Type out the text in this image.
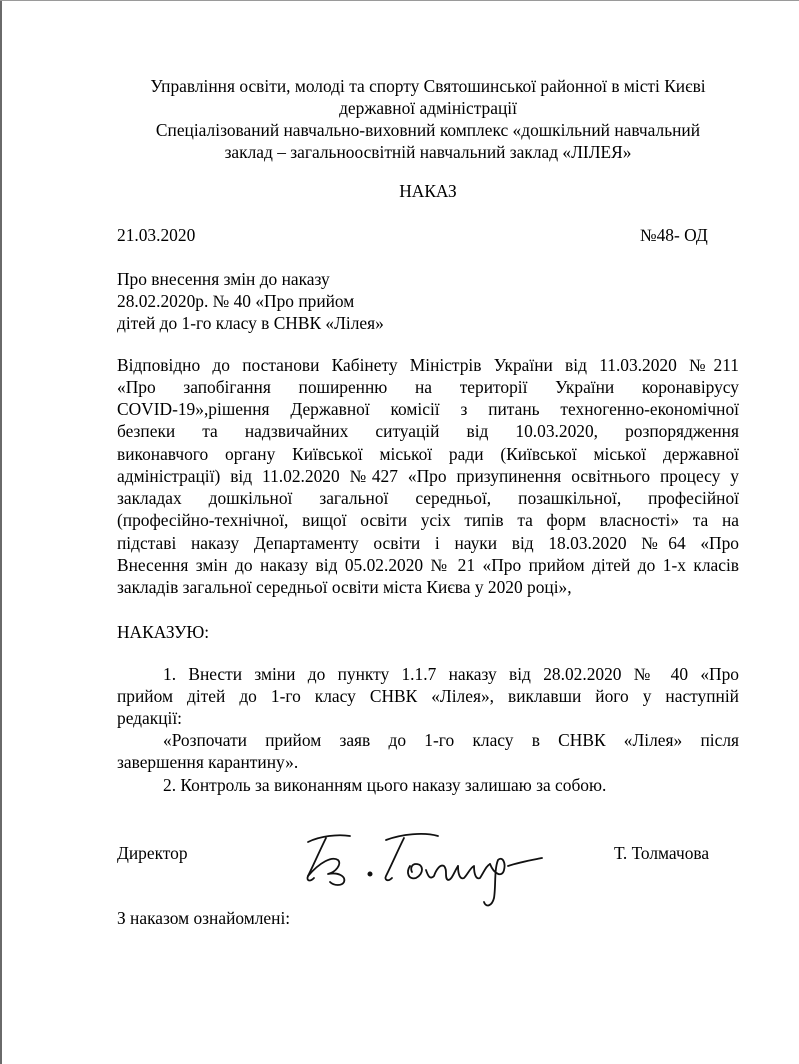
Управління освіти, молоді та спорту Святошинської районної в місті Києві
державної адміністрації
Спеціалізований навчально-виховний комплекс «дошкільний навчальний
заклад – загальноосвітній навчальний заклад «ЛІЛЕЯ»
НАКАЗ
21.03.2020	№48- ОД
Про внесення змін до наказу
28.02.2020р. № 40 «Про прийом
дітей до 1-го класу в СНВК «Лілея»
Відповідно до постанови Кабінету Міністрів України від 11.03.2020 №211
«Про запобігання поширенню на території України коронавірусу
COVID-19»,рішення Державної комісії з питань техногенно-економічної
безпеки та надзвичайних ситуацій від 10.03.2020, розпорядження
виконавчого органу Київської міської ради (Київської міської державної
адміністрації) від 11.02.2020 №427 «Про призупинення освітнього процесу у
закладах дошкільної загальної середньої, позашкільної, професійної
(професійно-технічної, вищої освіти усіх типів та форм власності» та на
підставі наказу Департаменту освіти і науки від 18.03.2020 №64 «Про
Внесення змін до наказу від 05.02.2020 № 21 «Про прийом дітей до 1-х класів
закладів загальної середньої освіти міста Києва у 2020 році»,
НАКАЗУЮ:
1. Внести зміни до пункту 1.1.7 наказу від 28.02.2020 № 40 «Про
прийом дітей до 1-го класу СНВК «Лілея», виклавши його у наступній
редакції:
«Розпочати прийом заяв до 1-го класу в СНВК «Лілея» після
завершення карантину».
2. Контроль за виконанням цього наказу залишаю за собою.
Директор	Т. Толмачова
З наказом ознайомлені:
